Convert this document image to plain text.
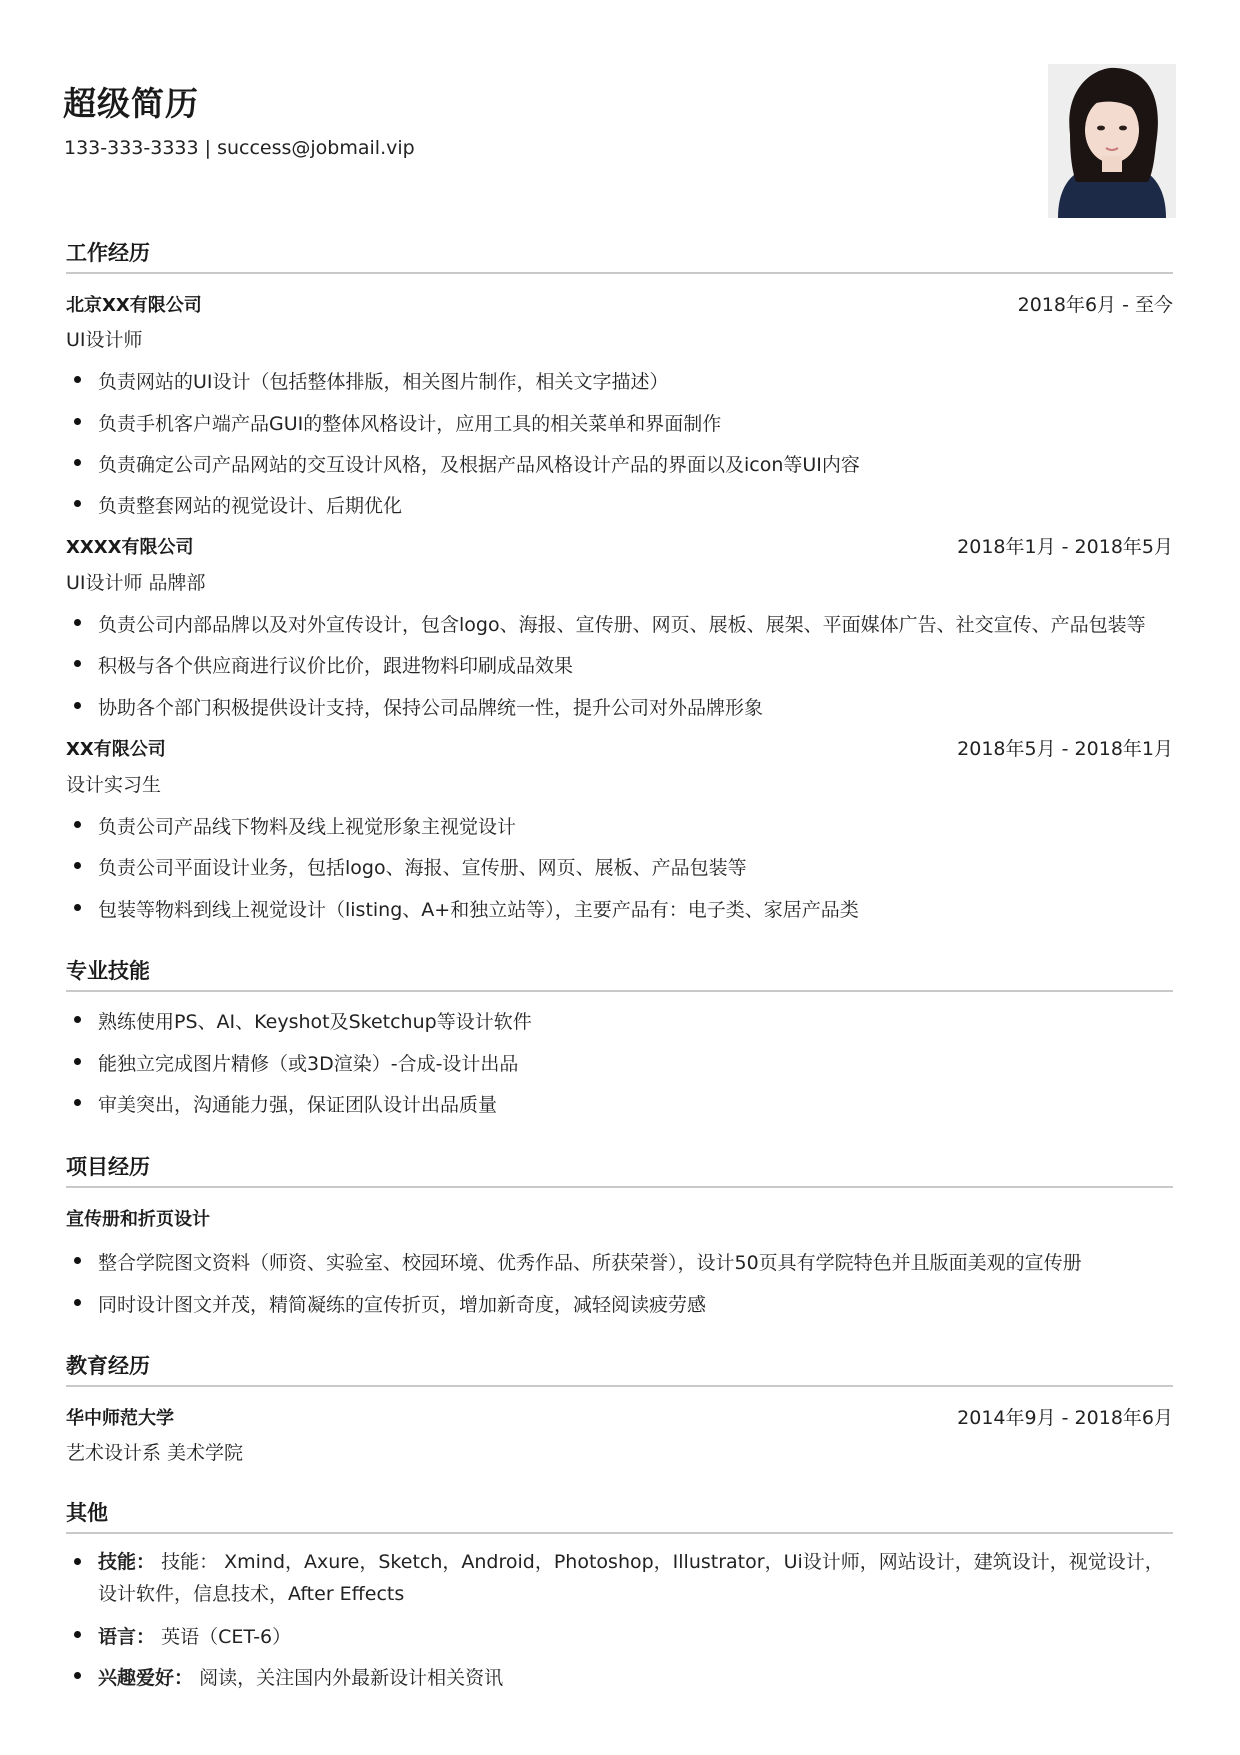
超级简历
133-333-3333 | success@jobmail.vip
工作经历
北京XX有限公司	2018年6月 - 至今
UI设计师
负责网站的UI设计（包括整体排版，相关图片制作，相关文字描述）
负责手机客户端产品GUI的整体风格设计，应用工具的相关菜单和界面制作
负责确定公司产品网站的交互设计风格，及根据产品风格设计产品的界面以及icon等UI内容
负责整套网站的视觉设计、后期优化
XXXX有限公司	2018年1月 - 2018年5月
UI设计师 品牌部
负责公司内部品牌以及对外宣传设计，包含logo、海报、宣传册、网页、展板、展架、平面媒体广告、社交宣传、产品包装等
积极与各个供应商进行议价比价，跟进物料印刷成品效果
协助各个部门积极提供设计支持，保持公司品牌统一性，提升公司对外品牌形象
XX有限公司	2018年5月 - 2018年1月
设计实习生
负责公司产品线下物料及线上视觉形象主视觉设计
负责公司平面设计业务，包括logo、海报、宣传册、网页、展板、产品包装等
包装等物料到线上视觉设计（listing、A+和独立站等），主要产品有：电子类、家居产品类
专业技能
熟练使用PS、AI、Keyshot及Sketchup等设计软件
能独立完成图片精修（或3D渲染）-合成-设计出品
审美突出，沟通能力强，保证团队设计出品质量
项目经历
宣传册和折页设计
整合学院图文资料（师资、实验室、校园环境、优秀作品、所获荣誉），设计50页具有学院特色并且版面美观的宣传册
同时设计图文并茂，精简凝练的宣传折页，增加新奇度，减轻阅读疲劳感
教育经历
华中师范大学	2014年9月 - 2018年6月
艺术设计系 美术学院
其他
技能： 技能： Xmind，Axure，Sketch，Android，Photoshop，Illustrator，Ui设计师，网站设计，建筑设计，视觉设计，设计软件，信息技术，After Effects
语言： 英语（CET-6）
兴趣爱好： 阅读，关注国内外最新设计相关资讯
